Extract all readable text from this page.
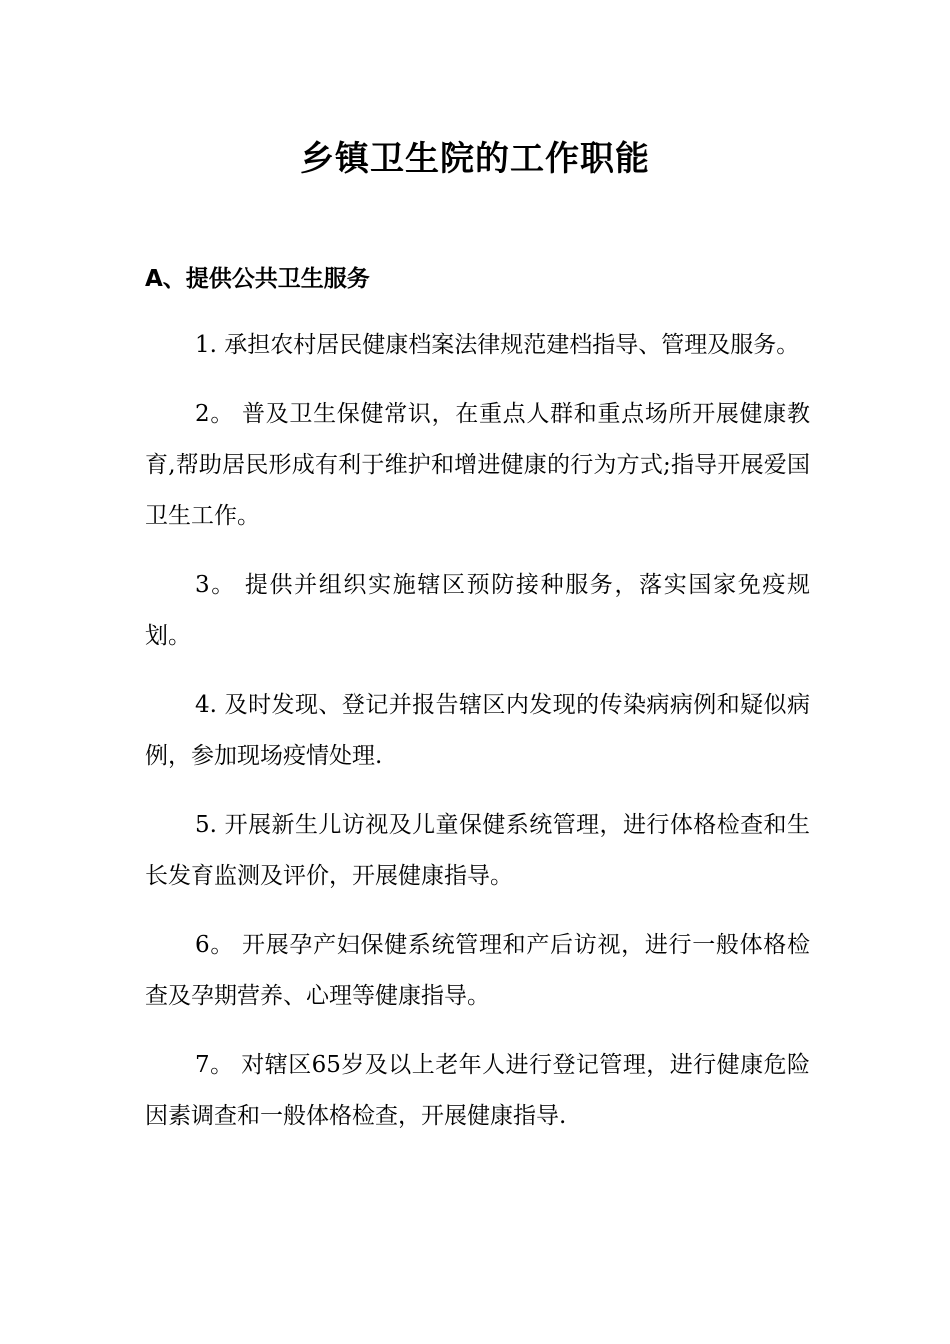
乡镇卫生院的工作职能
A、提供公共卫生服务

1. 承担农村居民健康档案法律规范建档指导、管理及服务。

2。 普及卫生保健常识，在重点人群和重点场所开展健康教育,帮助居民形成有利于维护和增进健康的行为方式;指导开展爱国卫生工作。

3。 提供并组织实施辖区预防接种服务，落实国家免疫规划。

4. 及时发现、登记并报告辖区内发现的传染病病例和疑似病例，参加现场疫情处理.

5. 开展新生儿访视及儿童保健系统管理，进行体格检查和生长发育监测及评价，开展健康指导。

6。 开展孕产妇保健系统管理和产后访视，进行一般体格检查及孕期营养、心理等健康指导。

7。 对辖区65岁及以上老年人进行登记管理，进行健康危险因素调查和一般体格检查，开展健康指导.
